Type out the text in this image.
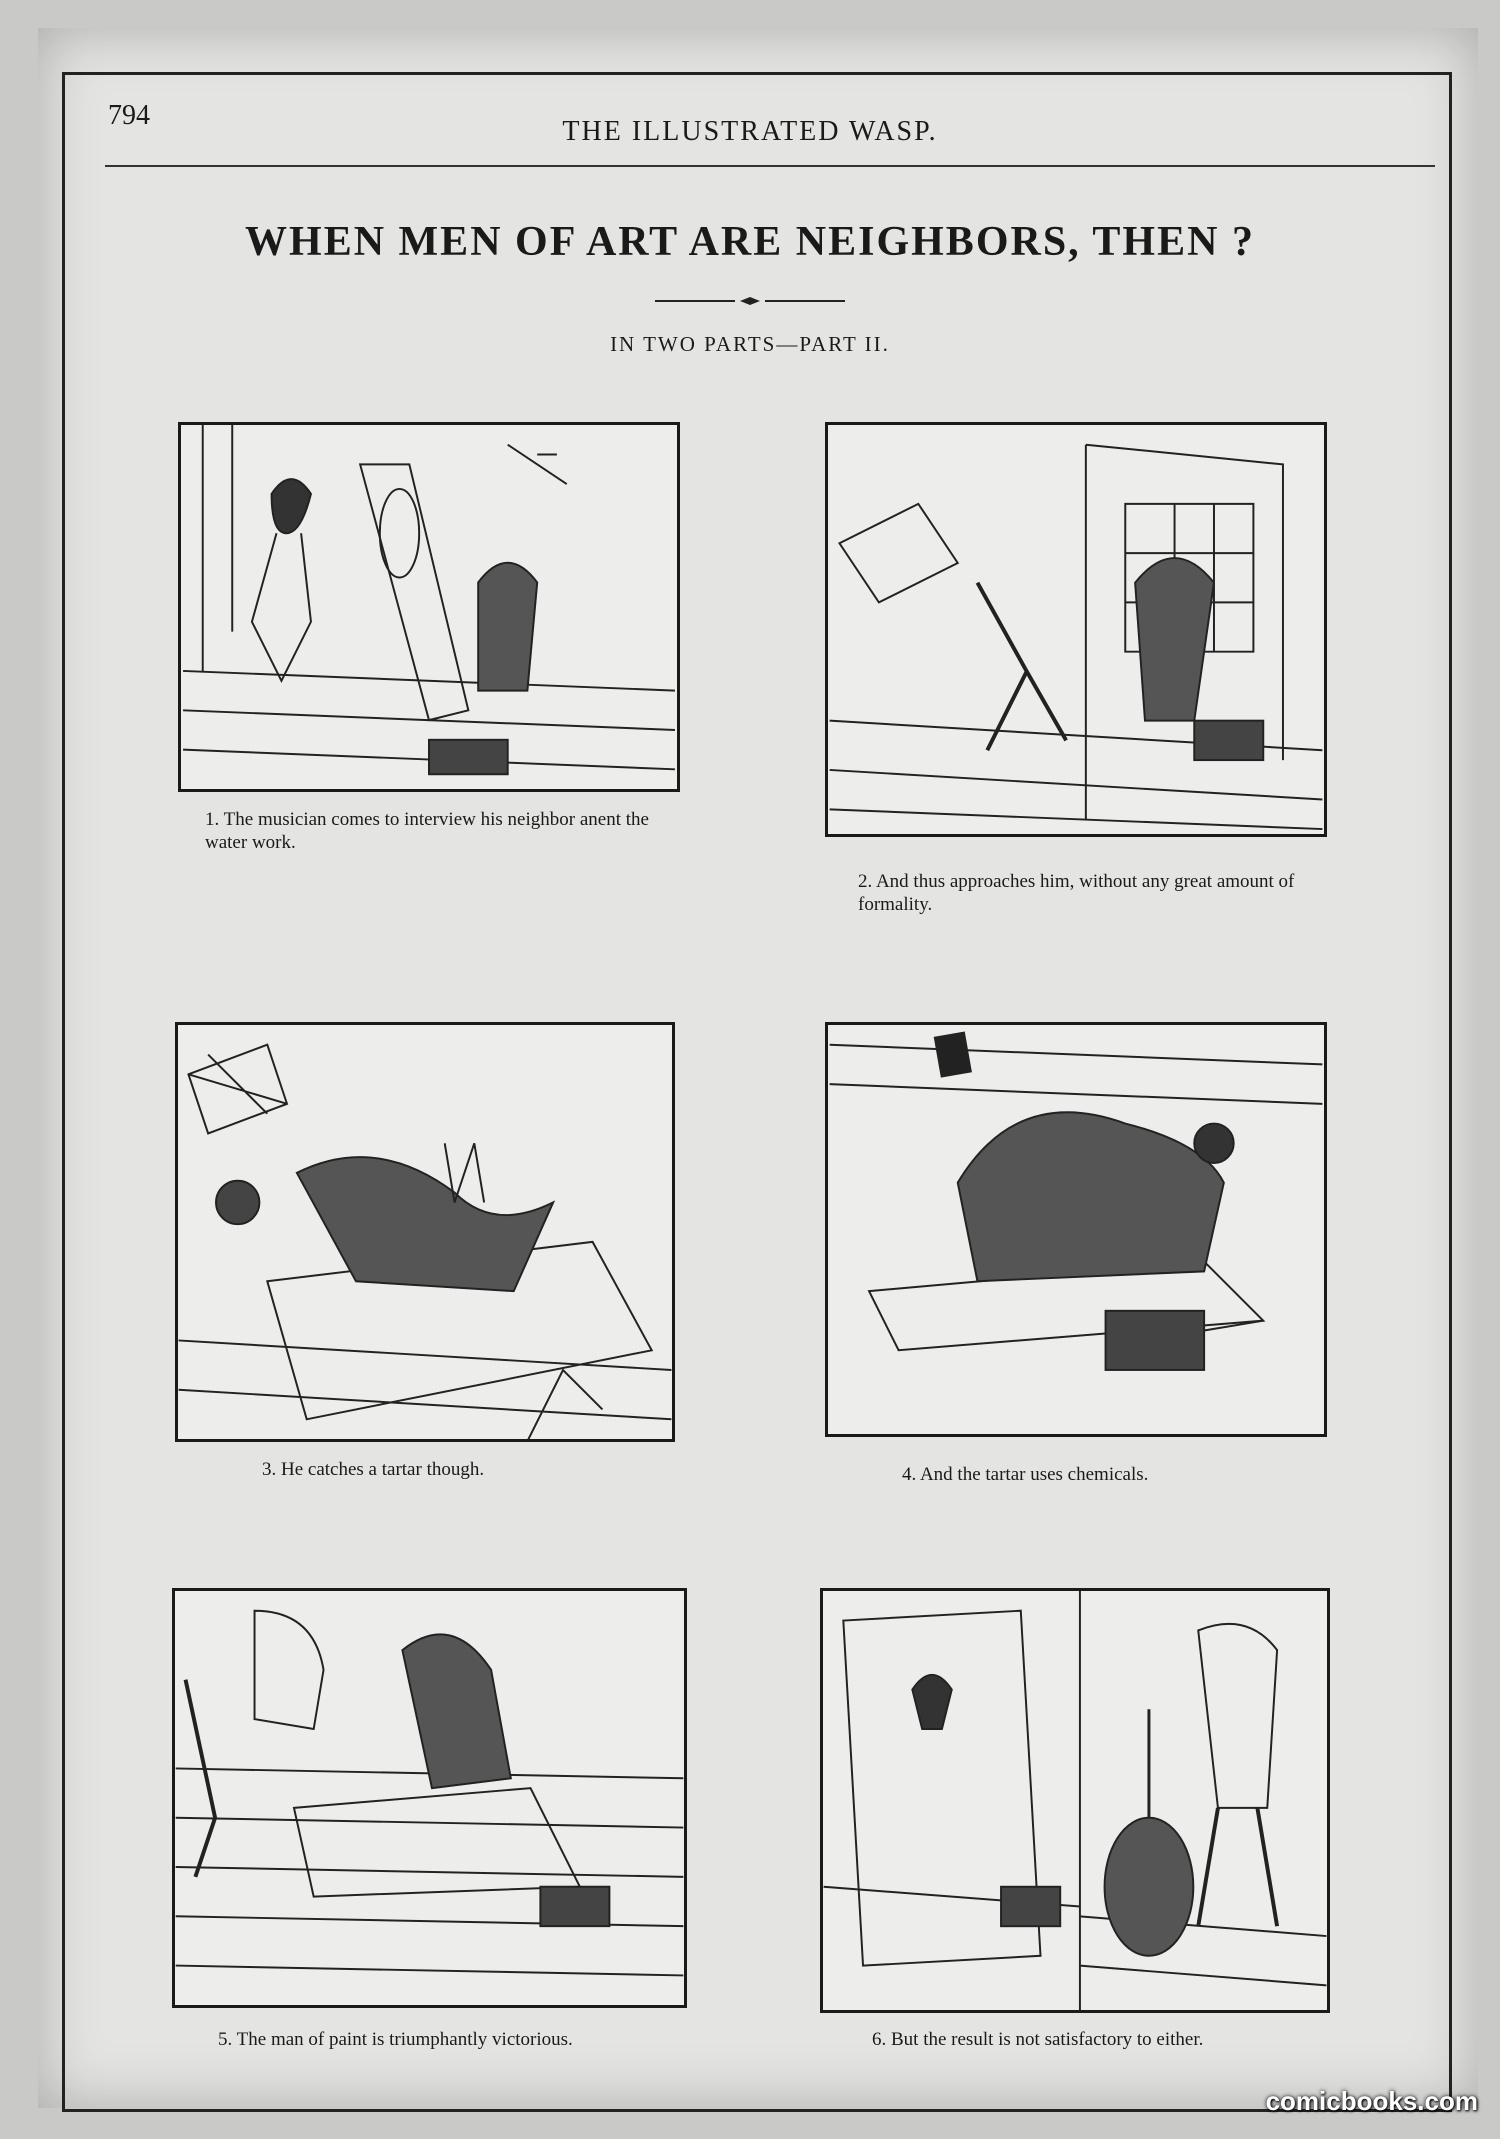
794
THE ILLUSTRATED WASP.
WHEN MEN OF ART ARE NEIGHBORS, THEN ?
IN TWO PARTS—PART II.
1. The musician comes to interview his neighbor anent the water work.
2. And thus approaches him, without any great amount of formality.
3. He catches a tartar though.	4. And the tartar uses chemicals.
5. The man of paint is triumphantly victorious.	6. But the result is not satisfactory to either.
comicbooks.com
